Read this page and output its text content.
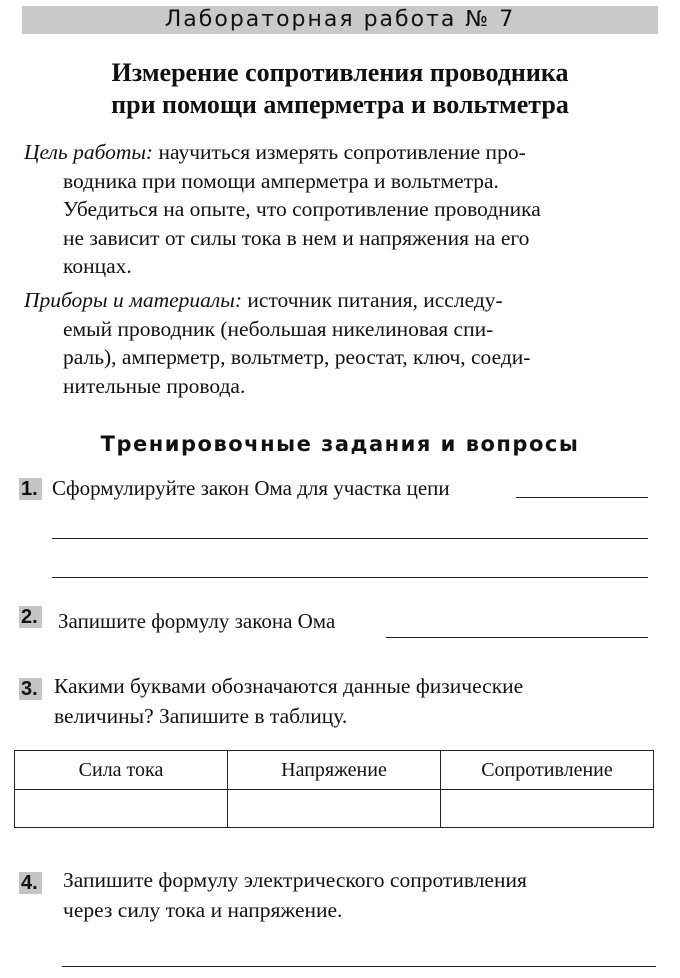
Лабораторная работа № 7
Измерение сопротивления проводника
при помощи амперметра и вольтметра
Цель работы: научиться измерять сопротивление про-
водника при помощи амперметра и вольтметра.
Убедиться на опыте, что сопротивление проводника
не зависит от силы тока в нем и напряжения на его
концах.
Приборы и материалы: источник питания, исследу-
емый проводник (небольшая никелиновая спи-
раль), амперметр, вольтметр, реостат, ключ, соеди-
нительные провода.
Тренировочные задания и вопросы
1. Сформулируйте закон Ома для участка цепи
2. Запишите формулу закона Ома
3. Какими буквами обозначаются данные физические
величины? Запишите в таблицу.
Сила тока	Напряжение	Сопротивление

4. Запишите формулу электрического сопротивления
через силу тока и напряжение.
